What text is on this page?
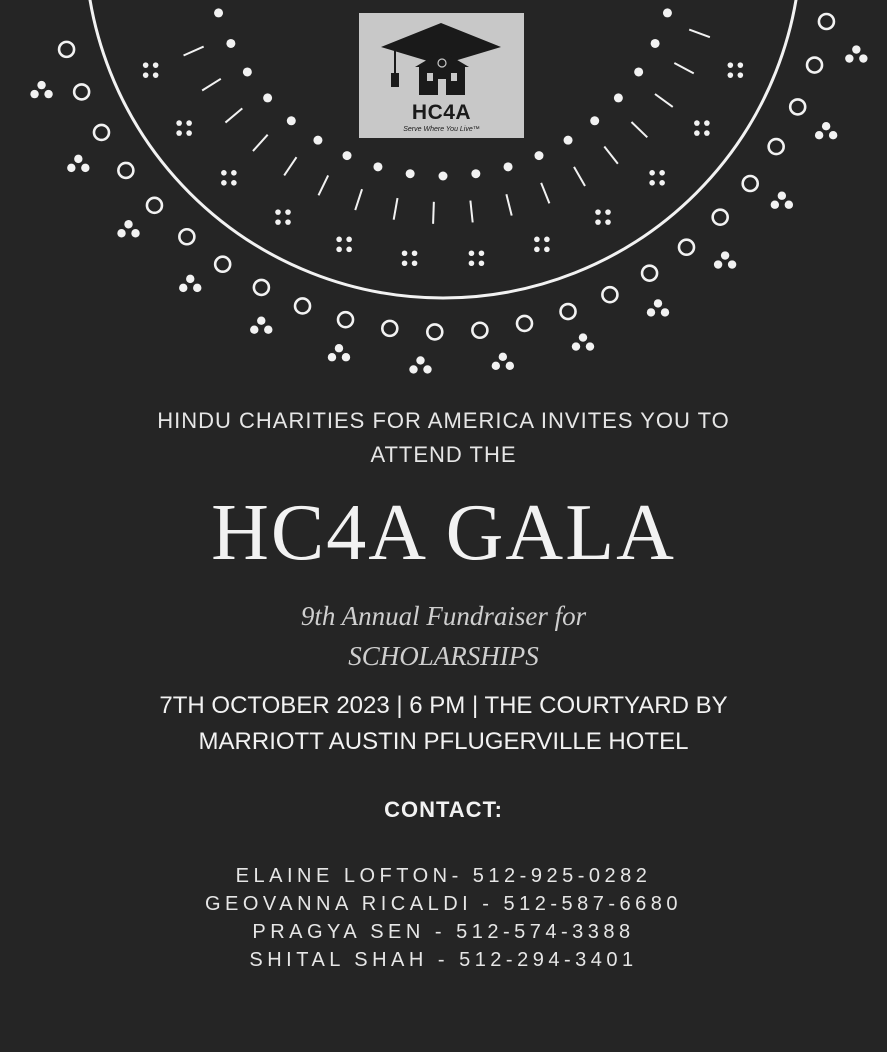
HC4A
Serve Where You Live™
HINDU CHARITIES FOR AMERICA INVITES YOU TO
ATTEND THE
HC4A GALA
9th Annual Fundraiser for
SCHOLARSHIPS
7TH OCTOBER 2023 | 6 PM | THE COURTYARD BY
MARRIOTT AUSTIN PFLUGERVILLE HOTEL
CONTACT:
ELAINE LOFTON- 512-925-0282
GEOVANNA RICALDI - 512-587-6680
PRAGYA SEN - 512-574-3388
SHITAL SHAH - 512-294-3401
